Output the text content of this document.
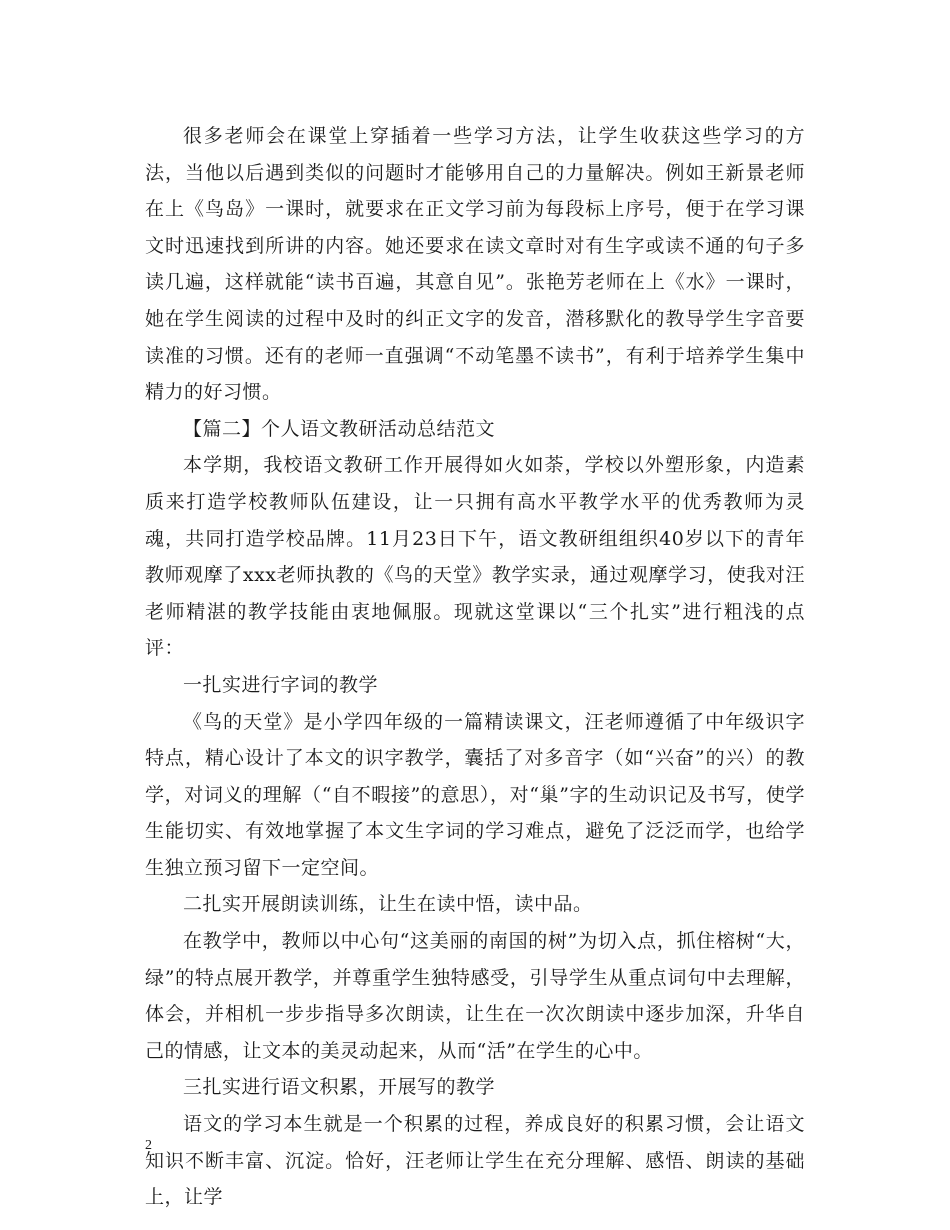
很多老师会在课堂上穿插着一些学习方法，让学生收获这些学习的方法，当他以后遇到类似的问题时才能够用自己的力量解决。例如王新景老师在上《鸟岛》一课时，就要求在正文学习前为每段标上序号，便于在学习课文时迅速找到所讲的内容。她还要求在读文章时对有生字或读不通的句子多读几遍，这样就能“读书百遍，其意自见”。张艳芳老师在上《水》一课时，她在学生阅读的过程中及时的纠正文字的发音，潜移默化的教导学生字音要读准的习惯。还有的老师一直强调“不动笔墨不读书”，有利于培养学生集中精力的好习惯。

【篇二】个人语文教研活动总结范文

本学期，我校语文教研工作开展得如火如荼，学校以外塑形象，内造素质来打造学校教师队伍建设，让一只拥有高水平教学水平的优秀教师为灵魂，共同打造学校品牌。11月23日下午，语文教研组组织40岁以下的青年教师观摩了xxx老师执教的《鸟的天堂》教学实录，通过观摩学习，使我对汪老师精湛的教学技能由衷地佩服。现就这堂课以“三个扎实”进行粗浅的点评：

一扎实进行字词的教学

《鸟的天堂》是小学四年级的一篇精读课文，汪老师遵循了中年级识字特点，精心设计了本文的识字教学，囊括了对多音字（如“兴奋”的兴）的教学，对词义的理解（“自不暇接”的意思），对“巢”字的生动识记及书写，使学生能切实、有效地掌握了本文生字词的学习难点，避免了泛泛而学，也给学生独立预习留下一定空间。

二扎实开展朗读训练，让生在读中悟，读中品。

在教学中，教师以中心句“这美丽的南国的树”为切入点，抓住榕树“大，绿”的特点展开教学，并尊重学生独特感受，引导学生从重点词句中去理解，体会，并相机一步步指导多次朗读，让生在一次次朗读中逐步加深，升华自己的情感，让文本的美灵动起来，从而“活”在学生的心中。

三扎实进行语文积累，开展写的教学

语文的学习本生就是一个积累的过程，养成良好的积累习惯，会让语文知识不断丰富、沉淀。恰好，汪老师让学生在充分理解、感悟、朗读的基础上，让学

2
